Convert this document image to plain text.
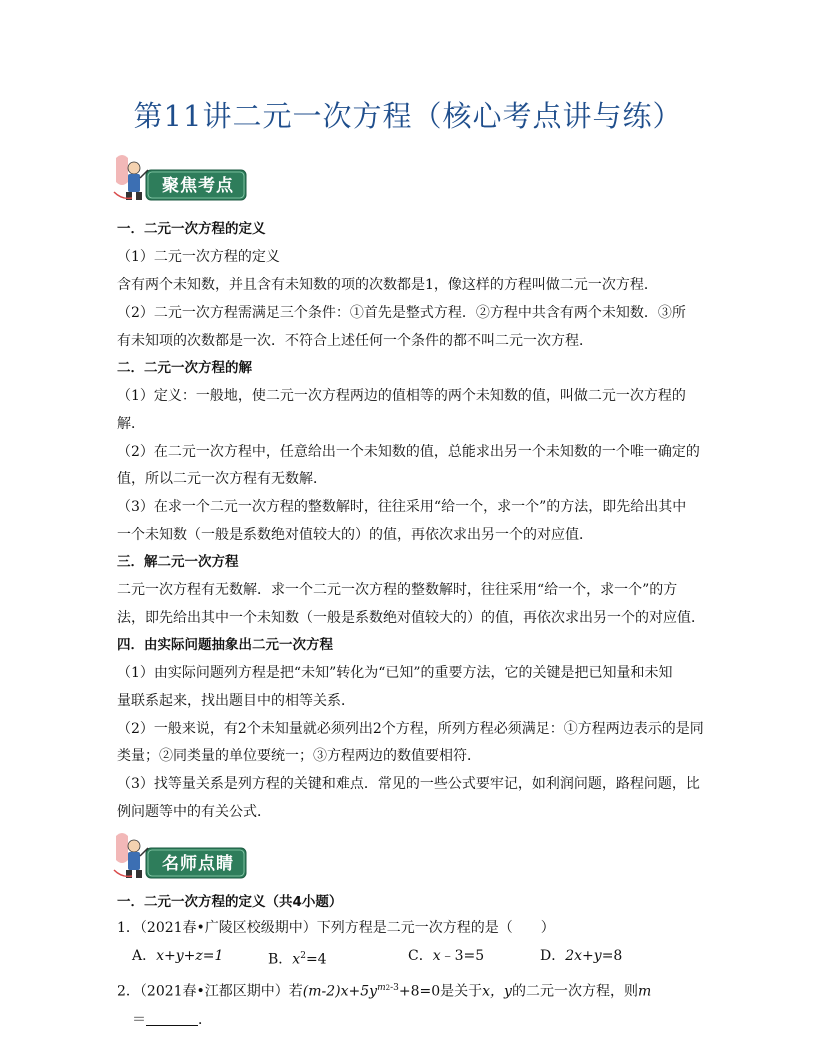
第11讲二元一次方程（核心考点讲与练）
聚焦考点
一．二元一次方程的定义
（1）二元一次方程的定义
含有两个未知数，并且含有未知数的项的次数都是1，像这样的方程叫做二元一次方程．
（2）二元一次方程需满足三个条件：①首先是整式方程．②方程中共含有两个未知数．③所
有未知项的次数都是一次．不符合上述任何一个条件的都不叫二元一次方程．
二．二元一次方程的解
（1）定义：一般地，使二元一次方程两边的值相等的两个未知数的值，叫做二元一次方程的
解．
（2）在二元一次方程中，任意给出一个未知数的值，总能求出另一个未知数的一个唯一确定的
值，所以二元一次方程有无数解．
（3）在求一个二元一次方程的整数解时，往往采用“给一个，求一个”的方法，即先给出其中
一个未知数（一般是系数绝对值较大的）的值，再依次求出另一个的对应值．
三．解二元一次方程
二元一次方程有无数解．求一个二元一次方程的整数解时，往往采用“给一个，求一个”的方
法，即先给出其中一个未知数（一般是系数绝对值较大的）的值，再依次求出另一个的对应值．
四．由实际问题抽象出二元一次方程
（1）由实际问题列方程是把“未知”转化为“已知”的重要方法，它的关键是把已知量和未知
量联系起来，找出题目中的相等关系．
（2）一般来说，有2个未知量就必须列出2个方程，所列方程必须满足：①方程两边表示的是同
类量；②同类量的单位要统一；③方程两边的数值要相符．
（3）找等量关系是列方程的关键和难点．常见的一些公式要牢记，如利润问题，路程问题，比
例问题等中的有关公式．
名师点睛
一．二元一次方程的定义（共4小题）
1．（2021春•广陵区校级期中）下列方程是二元一次方程的是（　　）
A．x+y+z=1	B．$x^2=4$	C．x﹣3=5	D．2x+y=8
2．（2021春•江都区期中）若$(m-2)x+5y^{m2-3}+8=0$是关于x，y的二元一次方程，则m
＝	．
